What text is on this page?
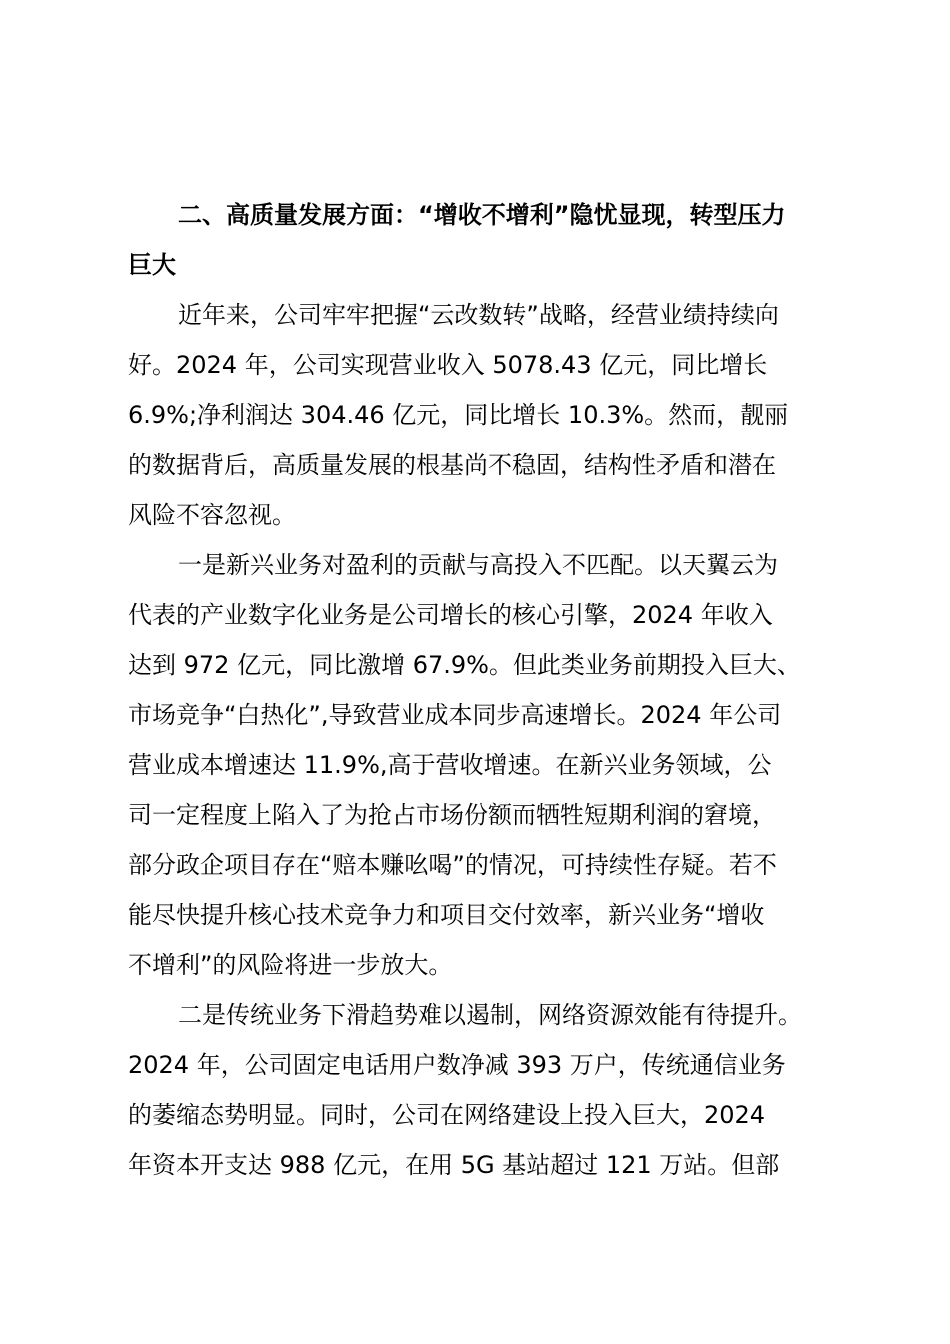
二、高质量发展方面：“增收不增利”隐忧显现，转型压力
巨大
近年来，公司牢牢把握“云改数转”战略，经营业绩持续向
好。2024 年，公司实现营业收入 5078.43 亿元，同比增长
6.9%;净利润达 304.46 亿元，同比增长 10.3%。然而，靓丽
的数据背后，高质量发展的根基尚不稳固，结构性矛盾和潜在
风险不容忽视。
一是新兴业务对盈利的贡献与高投入不匹配。以天翼云为
代表的产业数字化业务是公司增长的核心引擎，2024 年收入
达到 972 亿元，同比激增 67.9%。但此类业务前期投入巨大、
市场竞争“白热化”,导致营业成本同步高速增长。2024 年公司
营业成本增速达 11.9%,高于营收增速。在新兴业务领域，公
司一定程度上陷入了为抢占市场份额而牺牲短期利润的窘境，
部分政企项目存在“赔本赚吆喝”的情况，可持续性存疑。若不
能尽快提升核心技术竞争力和项目交付效率，新兴业务“增收
不增利”的风险将进一步放大。
二是传统业务下滑趋势难以遏制，网络资源效能有待提升。
2024 年，公司固定电话用户数净减 393 万户，传统通信业务
的萎缩态势明显。同时，公司在网络建设上投入巨大，2024
年资本开支达 988 亿元，在用 5G 基站超过 121 万站。但部
